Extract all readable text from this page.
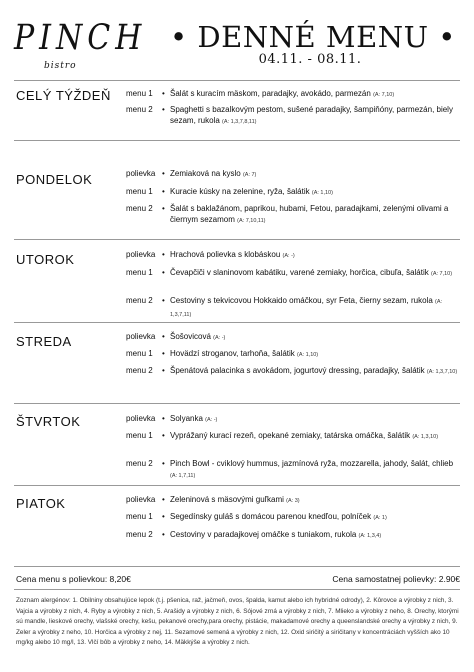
PINCH
bistro
• DENNÉ MENU •
04.11. - 08.11.
CELÝ TÝŽDEŇ menu 1	• Šalát s kuracím mäskom, paradajky, avokádo, parmezán (A: 7,10)
menu 2	• Spaghetti s bazalkovým pestom, sušené paradajky, šampiňóny, parmezán, biely sezam, rukola (A: 1,3,7,8,11)
PONDELOK	polievka • Zemiaková na kyslo (A: 7)
menu 1	• Kuracie kúsky na zelenine, ryža, šalátik (A: 1,10)
menu 2	• Šalát s baklažánom, paprikou, hubami, Fetou, paradajkami, zelenými olivami a čiernym sezamom (A: 7,10,11)
UTOROK	polievka • Hrachová polievka s klobáskou (A: -)
menu 1	• Čevapčiči v slaninovom kabátiku, varené zemiaky, horčica, cibuľa, šalátik (A: 7,10)
menu 2	• Cestoviny s tekvicovou Hokkaido omáčkou, syr Feta, čierny sezam, rukola (A: 1,3,7,11)
STREDA	polievka • Šošovicová (A: -)
menu 1	• Hovädzí stroganov, tarhoňa, šalátik (A: 1,10)
menu 2	• Špenátová palacinka s avokádom, jogurtový dressing, paradajky, šalátik (A: 1,3,7,10)
ŠTVRTOK	polievka • Solyanka (A: -)
menu 1	• Vyprážaný kurací rezeň, opekané zemiaky, tatárska omáčka, šalátik (A: 1,3,10)
menu 2	• Pinch Bowl - cviklový hummus, jazmínová ryža, mozzarella, jahody, šalát, chlieb (A: 1,7,11)
PIATOK	polievka • Zeleninová s mäsovými guľkami (A: 3)
menu 1	• Segedínsky guláš s domácou parenou knedľou, polníček (A: 1)
menu 2	• Cestoviny v paradajkovej omáčke s tuniakom, rukola (A: 1,3,4)
Cena menu s polievkou: 8,20€	Cena samostatnej polievky: 2.90€
Zoznam alergénov: 1. Obilniny obsahujúce lepok (t.j. pšenica, raž, jačmeň, ovos, špalda, kamut alebo ich hybridné odrody), 2. Kôrovce a výrobky z nich, 3. Vajcia a výrobky z nich, 4. Ryby a výrobky z nich, 5. Arašidy a výrobky z nich, 6. Sójové zrná a výrobky z nich, 7. Mlieko a výrobky z neho, 8. Orechy, ktorými sú mandle, lieskové orechy, vlašské orechy, kešu, pekanové orechy,para orechy, pistácie, makadamové orechy a queenslandské orechy a výrobky z nich, 9. Zeler a výrobky z neho, 10. Horčica a výrobky z nej, 11. Sezamové semená a výrobky z nich, 12. Oxid siričitý a siričitany v koncentráciách vyšších ako 10 mg/kg alebo 10 mg/l, 13. Vlčí bôb a výrobky z neho, 14. Mäkkýše a výrobky z nich.
